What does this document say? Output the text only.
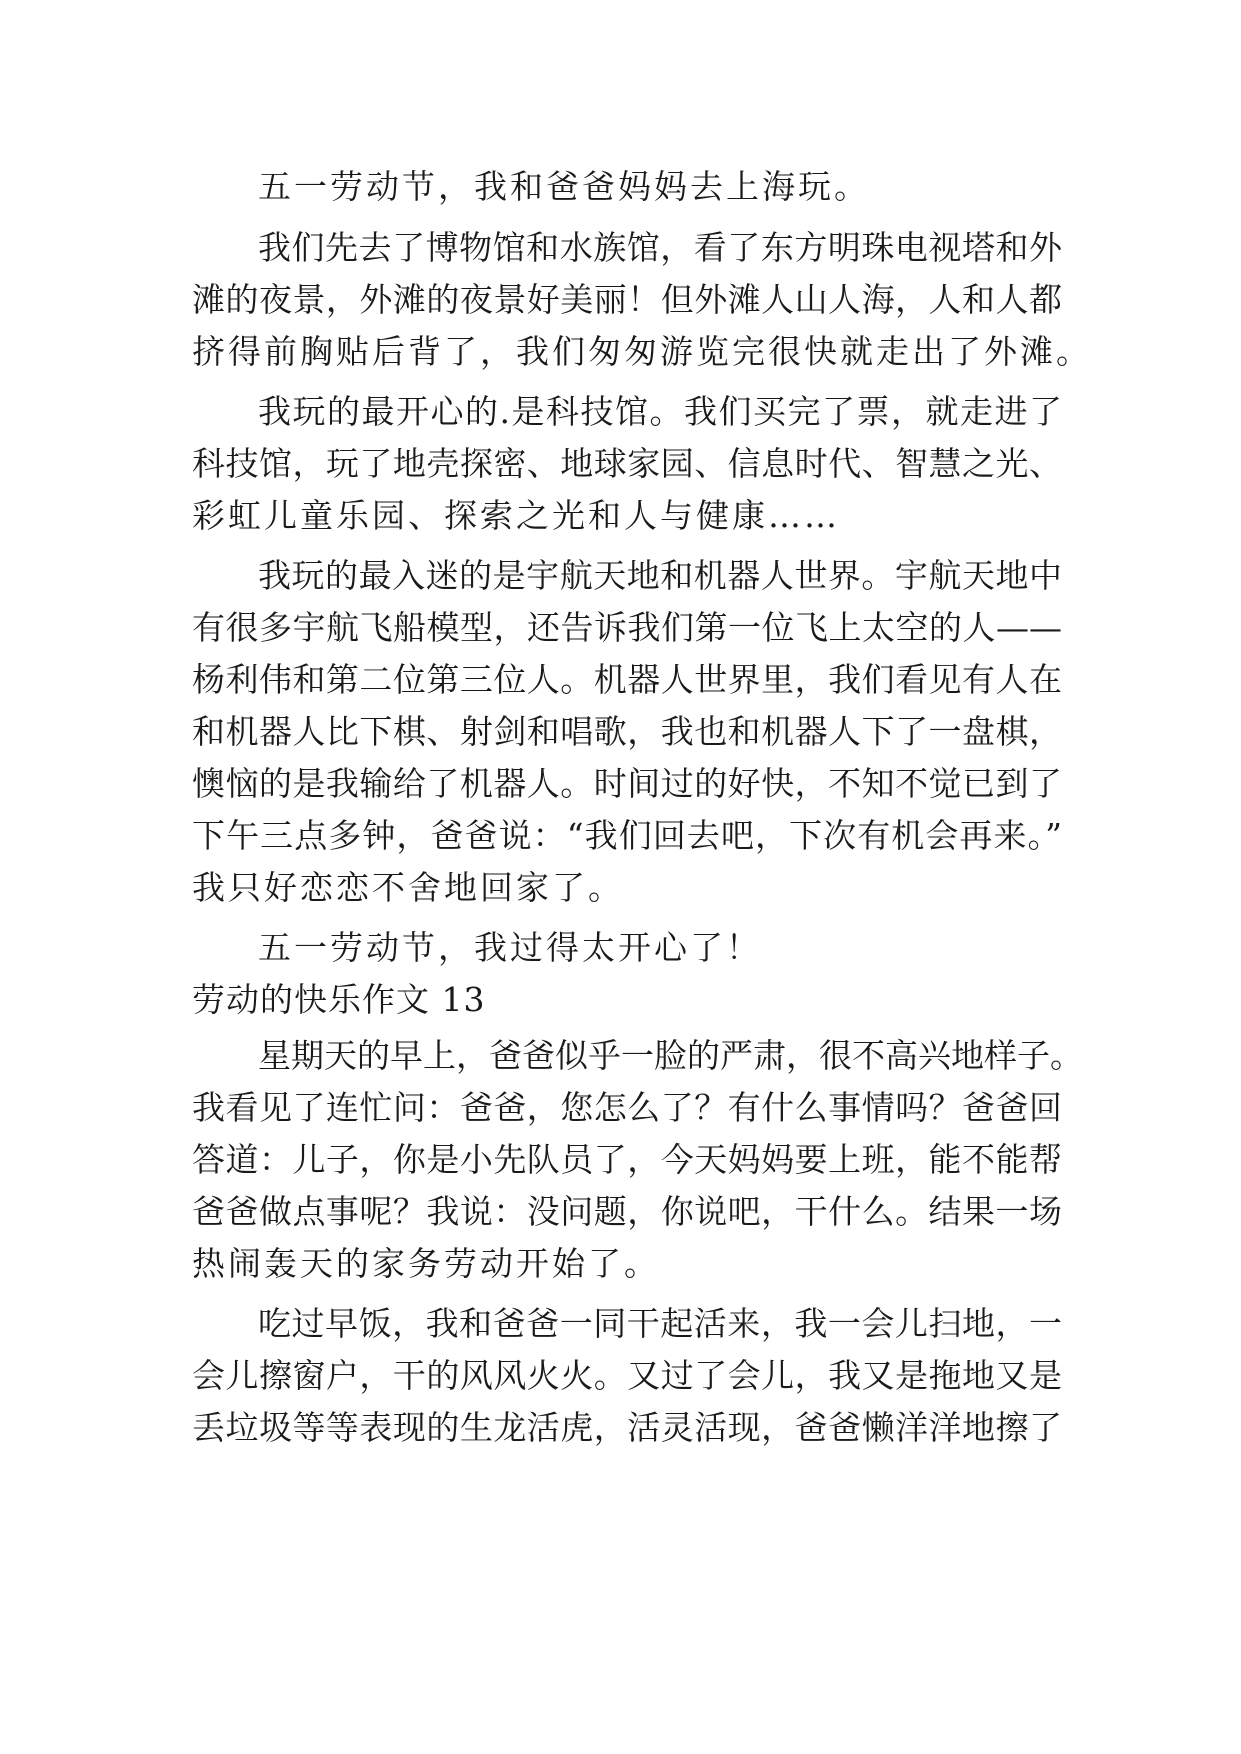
五一劳动节，我和爸爸妈妈去上海玩。
我们先去了博物馆和水族馆，看了东方明珠电视塔和外
滩的夜景，外滩的夜景好美丽！但外滩人山人海，人和人都
挤得前胸贴后背了，我们匆匆游览完很快就走出了外滩。
我玩的最开心的.是科技馆。我们买完了票，就走进了
科技馆，玩了地壳探密、地球家园、信息时代、智慧之光、
彩虹儿童乐园、探索之光和人与健康……
我玩的最入迷的是宇航天地和机器人世界。宇航天地中
有很多宇航飞船模型，还告诉我们第一位飞上太空的人——
杨利伟和第二位第三位人。机器人世界里，我们看见有人在
和机器人比下棋、射剑和唱歌，我也和机器人下了一盘棋，
懊恼的是我输给了机器人。时间过的好快，不知不觉已到了
下午三点多钟，爸爸说：“我们回去吧，下次有机会再来。”
我只好恋恋不舍地回家了。
五一劳动节，我过得太开心了！
劳动的快乐作文 13
星期天的早上，爸爸似乎一脸的严肃，很不高兴地样子。
我看见了连忙问：爸爸，您怎么了？有什么事情吗？爸爸回
答道：儿子，你是小先队员了，今天妈妈要上班，能不能帮
爸爸做点事呢？我说：没问题，你说吧，干什么。结果一场
热闹轰天的家务劳动开始了。
吃过早饭，我和爸爸一同干起活来，我一会儿扫地，一
会儿擦窗户，干的风风火火。又过了会儿，我又是拖地又是
丢垃圾等等表现的生龙活虎，活灵活现，爸爸懒洋洋地擦了
